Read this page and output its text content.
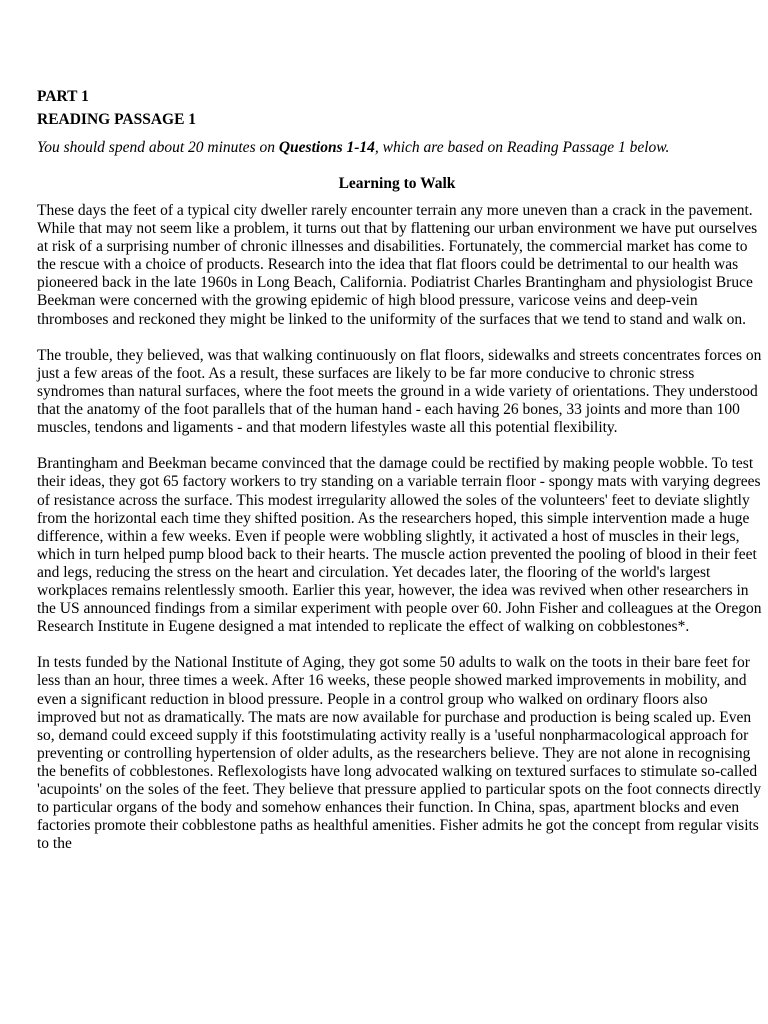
PART 1
READING PASSAGE 1
You should spend about 20 minutes on Questions 1-14, which are based on Reading Passage 1 below.
Learning to Walk

These days the feet of a typical city dweller rarely encounter terrain any more uneven than a crack in the pavement. While that may not seem like a problem, it turns out that by flattening our urban environment we have put ourselves at risk of a surprising number of chronic illnesses and disabilities. Fortunately, the commercial market has come to the rescue with a choice of products. Research into the idea that flat floors could be detrimental to our health was pioneered back in the late 1960s in Long Beach, California. Podiatrist Charles Brantingham and physiologist Bruce Beekman were concerned with the growing epidemic of high blood pressure, varicose veins and deep-vein thromboses and reckoned they might be linked to the uniformity of the surfaces that we tend to stand and walk on.

The trouble, they believed, was that walking continuously on flat floors, sidewalks and streets concentrates forces on just a few areas of the foot. As a result, these surfaces are likely to be far more conducive to chronic stress syndromes than natural surfaces, where the foot meets the ground in a wide variety of orientations. They understood that the anatomy of the foot parallels that of the human hand - each having 26 bones, 33 joints and more than 100 muscles, tendons and ligaments - and that modern lifestyles waste all this potential flexibility.

Brantingham and Beekman became convinced that the damage could be rectified by making people wobble. To test their ideas, they got 65 factory workers to try standing on a variable terrain floor - spongy mats with varying degrees of resistance across the surface. This modest irregularity allowed the soles of the volunteers' feet to deviate slightly from the horizontal each time they shifted position. As the researchers hoped, this simple intervention made a huge difference, within a few weeks. Even if people were wobbling slightly, it activated a host of muscles in their legs, which in turn helped pump blood back to their hearts. The muscle action prevented the pooling of blood in their feet and legs, reducing the stress on the heart and circulation. Yet decades later, the flooring of the world's largest workplaces remains relentlessly smooth. Earlier this year, however, the idea was revived when other researchers in the US announced findings from a similar experiment with people over 60. John Fisher and colleagues at the Oregon Research Institute in Eugene designed a mat intended to replicate the effect of walking on cobblestones*.

In tests funded by the National Institute of Aging, they got some 50 adults to walk on the toots in their bare feet for less than an hour, three times a week. After 16 weeks, these people showed marked improvements in mobility, and even a significant reduction in blood pressure. People in a control group who walked on ordinary floors also improved but not as dramatically. The mats are now available for purchase and production is being scaled up. Even so, demand could exceed supply if this footstimulating activity really is a 'useful nonpharmacological approach for preventing or controlling hypertension of older adults, as the researchers believe. They are not alone in recognising the benefits of cobblestones. Reflexologists have long advocated walking on textured surfaces to stimulate so-called 'acupoints' on the soles of the feet. They believe that pressure applied to particular spots on the foot connects directly to particular organs of the body and somehow enhances their function. In China, spas, apartment blocks and even factories promote their cobblestone paths as healthful amenities. Fisher admits he got the concept from regular visits to the
